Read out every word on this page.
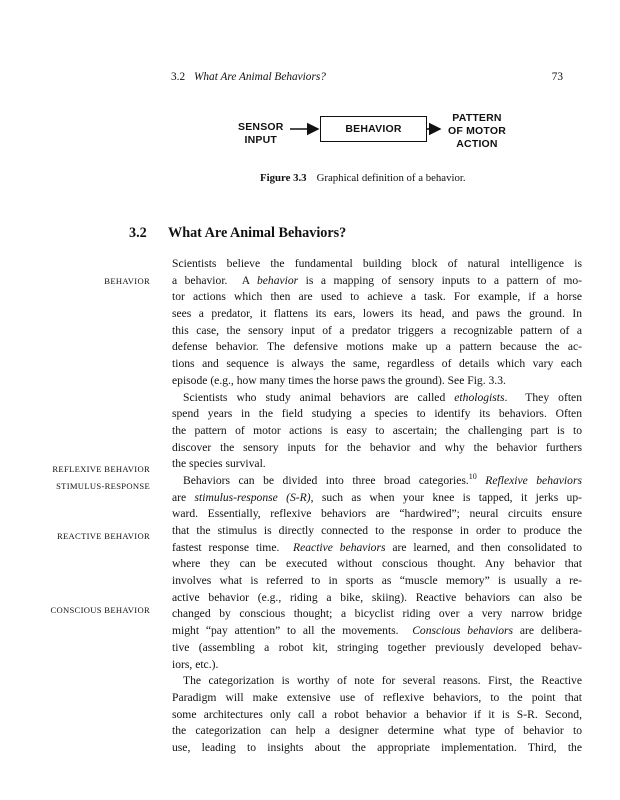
3.2 What Are Animal Behaviors?	73
SENSOR
INPUT
BEHAVIOR
PATTERN
OF MOTOR
ACTION
Figure 3.3 Graphical definition of a behavior.
3.2 What Are Animal Behaviors?
BEHAVIOR
REFLEXIVE BEHAVIOR
STIMULUS-RESPONSE
REACTIVE BEHAVIOR
CONSCIOUS BEHAVIOR
Scientists believe the fundamental building block of natural intelligence is
a behavior.  A behavior is a mapping of sensory inputs to a pattern of mo-
tor actions which then are used to achieve a task. For example, if a horse
sees a predator, it flattens its ears, lowers its head, and paws the ground. In
this case, the sensory input of a predator triggers a recognizable pattern of a
defense behavior. The defensive motions make up a pattern because the ac-
tions and sequence is always the same, regardless of details which vary each
episode (e.g., how many times the horse paws the ground). See Fig. 3.3.
Scientists who study animal behaviors are called ethologists.  They often
spend years in the field studying a species to identify its behaviors. Often
the pattern of motor actions is easy to ascertain; the challenging part is to
discover the sensory inputs for the behavior and why the behavior furthers
the species survival.
Behaviors can be divided into three broad categories.$^{10}$ Reflexive behaviors
are stimulus-response (S-R), such as when your knee is tapped, it jerks up-
ward. Essentially, reflexive behaviors are “hardwired”; neural circuits ensure
that the stimulus is directly connected to the response in order to produce the
fastest response time.  Reactive behaviors are learned, and then consolidated to
where they can be executed without conscious thought. Any behavior that
involves what is referred to in sports as “muscle memory” is usually a re-
active behavior (e.g., riding a bike, skiing). Reactive behaviors can also be
changed by conscious thought; a bicyclist riding over a very narrow bridge
might “pay attention” to all the movements.  Conscious behaviors are delibera-
tive (assembling a robot kit, stringing together previously developed behav-
iors, etc.).
The categorization is worthy of note for several reasons. First, the Reactive
Paradigm will make extensive use of reflexive behaviors, to the point that
some architectures only call a robot behavior a behavior if it is S-R. Second,
the categorization can help a designer determine what type of behavior to
use, leading to insights about the appropriate implementation. Third, the
